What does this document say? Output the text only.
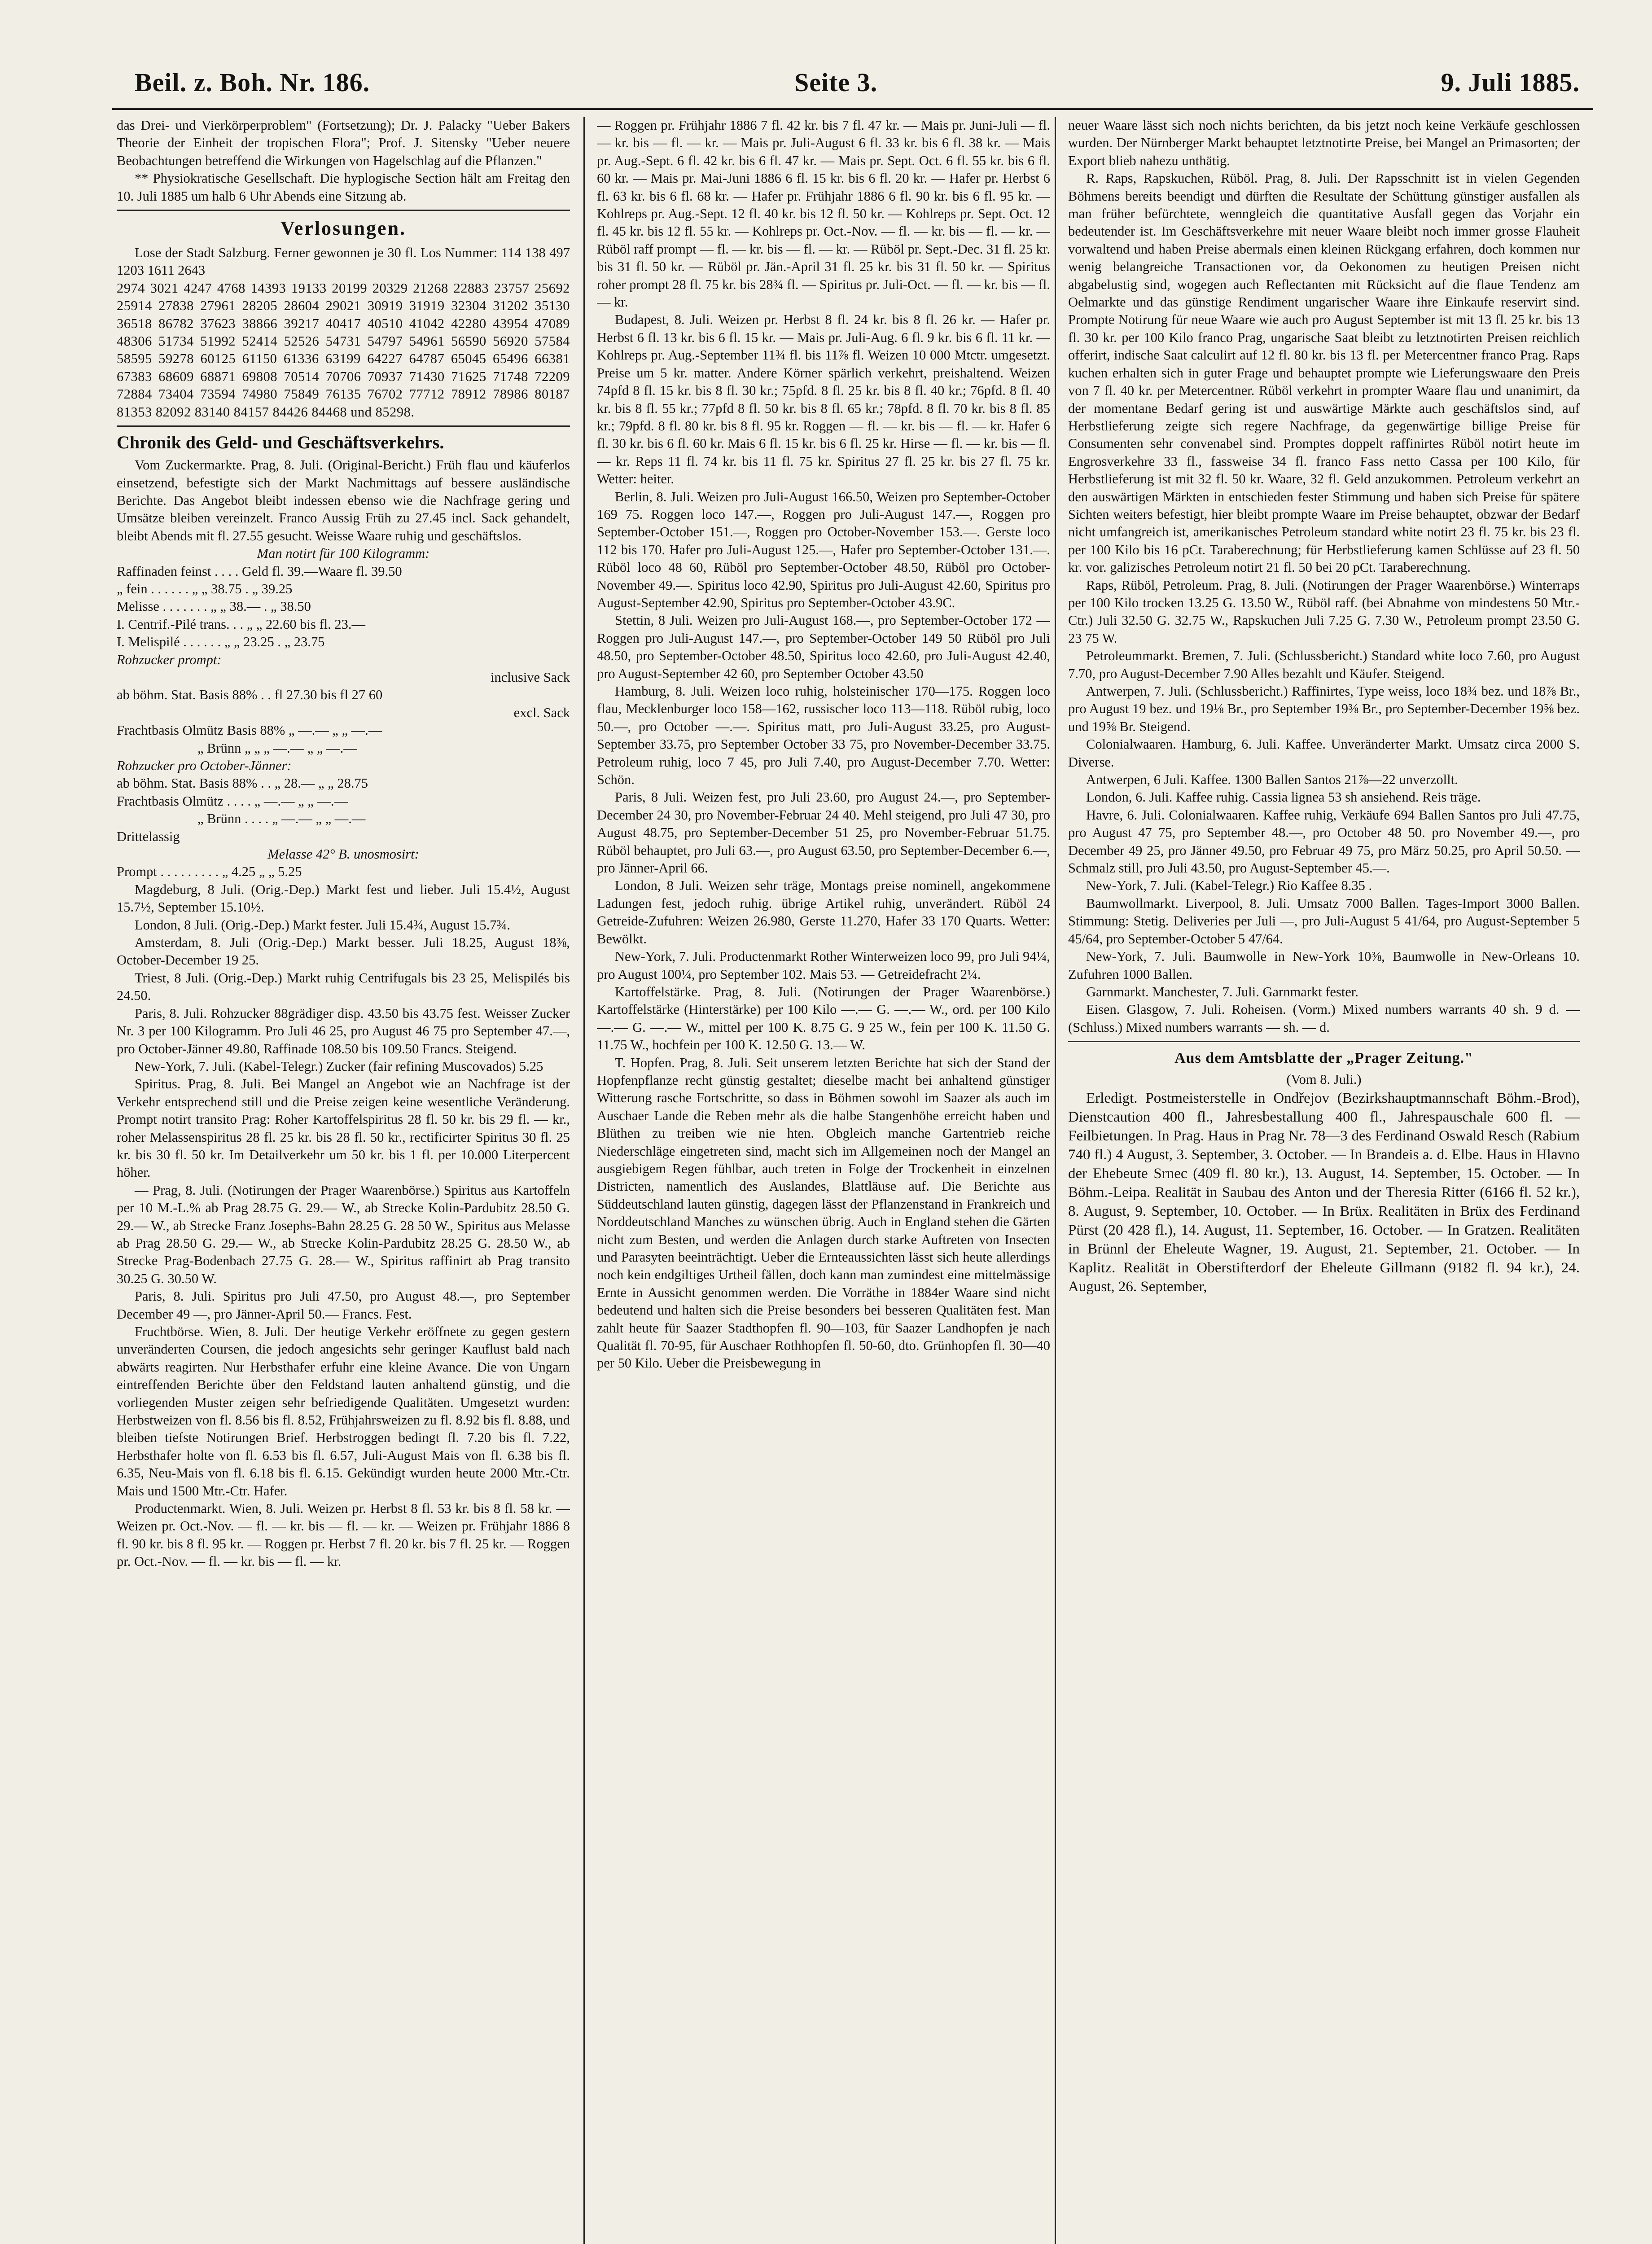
Beil. z. Boh. Nr. 186.	Seite 3.	9. Juli 1885.

das Drei- und Vierkörperproblem" (Fortsetzung); Dr. J. Palacky "Ueber Bakers Theorie der Einheit der tropischen Flora"; Prof. J. Sitensky "Ueber neuere Beobachtungen betreffend die Wirkungen von Hagelschlag auf die Pflanzen."

** Physiokratische Gesellschaft. Die hyplogische Section hält am Freitag den 10. Juli 1885 um halb 6 Uhr Abends eine Sitzung ab.

Verlosungen.

Lose der Stadt Salzburg. Ferner gewonnen je 30 fl. Los Nummer: 114 138 497 1203 1611 2643

2974 3021 4247 4768 14393 19133 20199 20329 21268 22883 23757 25692 25914 27838 27961 28205 28604 29021 30919 31919 32304 31202 35130 36518 86782 37623 38866 39217 40417 40510 41042 42280 43954 47089 48306 51734 51992 52414 52526 54731 54797 54961 56590 56920 57584 58595 59278 60125 61150 61336 63199 64227 64787 65045 65496 66381 67383 68609 68871 69808 70514 70706 70937 71430 71625 71748 72209 72884 73404 73594 74980 75849 76135 76702 77712 78912 78986 80187 81353 82092 83140 84157 84426 84468 und 85298.

Chronik des Geld- und Geschäftsverkehrs.

Vom Zuckermarkte. Prag, 8. Juli. (Original-Bericht.) Früh flau und käuferlos einsetzend, befestigte sich der Markt Nachmittags auf bessere ausländische Berichte. Das Angebot bleibt indessen ebenso wie die Nachfrage gering und Umsätze bleiben vereinzelt. Franco Aussig Früh zu 27.45 incl. Sack gehandelt, bleibt Abends mit fl. 27.55 gesucht. Weisse Waare ruhig und geschäftslos.

Man notirt für 100 Kilogramm:

Raffinaden feinst . . . . Geld fl. 39.—Waare fl. 39.50
„ fein . . . . . . „ „ 38.75 . „ 39.25
Melisse . . . . . . . „ „ 38.— . „ 38.50
I. Centrif.-Pilé trans. . . „ „ 22.60 bis fl. 23.—
I. Melispilé . . . . . . „ „ 23.25 . „ 23.75

Rohzucker prompt:

inclusive Sack

ab böhm. Stat. Basis 88% . . fl 27.30 bis fl 27 60

excl. Sack

Frachtbasis Olmütz Basis 88% „ —.— „ „ —.—

„ Brünn „ „ „ —.— „ „ —.—

Rohzucker pro October-Jänner:

ab böhm. Stat. Basis 88% . . „ 28.— „ „ 28.75

Frachtbasis Olmütz . . . . „ —.— „ „ —.—

„ Brünn . . . . „ —.— „ „ —.—

Drittelassig

Melasse 42° B. unosmosirt:

Prompt . . . . . . . . . „ 4.25 „ „ 5.25

Magdeburg, 8 Juli. (Orig.-Dep.) Markt fest und lieber. Juli 15.4½, August 15.7½, September 15.10½.

London, 8 Juli. (Orig.-Dep.) Markt fester. Juli 15.4¾, August 15.7¾.

Amsterdam, 8. Juli (Orig.-Dep.) Markt besser. Juli 18.25, August 18⅜, October-December 19 25.

Triest, 8 Juli. (Orig.-Dep.) Markt ruhig Centrifugals bis 23 25, Melispilés bis 24.50.

Paris, 8. Juli. Rohzucker 88grädiger disp. 43.50 bis 43.75 fest. Weisser Zucker Nr. 3 per 100 Kilogramm. Pro Juli 46 25, pro August 46 75 pro September 47.—, pro October-Jänner 49.80, Raffinade 108.50 bis 109.50 Francs. Steigend.

New-York, 7. Juli. (Kabel-Telegr.) Zucker (fair refining Muscovados) 5.25

Spiritus. Prag, 8. Juli. Bei Mangel an Angebot wie an Nachfrage ist der Verkehr entsprechend still und die Preise zeigen keine wesentliche Veränderung. Prompt notirt transito Prag: Roher Kartoffelspiritus 28 fl. 50 kr. bis 29 fl. — kr., roher Melassenspiritus 28 fl. 25 kr. bis 28 fl. 50 kr., rectificirter Spiritus 30 fl. 25 kr. bis 30 fl. 50 kr. Im Detailverkehr um 50 kr. bis 1 fl. per 10.000 Literpercent höher.

— Prag, 8. Juli. (Notirungen der Prager Waarenbörse.) Spiritus aus Kartoffeln per 10 M.-L.% ab Prag 28.75 G. 29.— W., ab Strecke Kolin-Pardubitz 28.50 G. 29.— W., ab Strecke Franz Josephs-Bahn 28.25 G. 28 50 W., Spiritus aus Melasse ab Prag 28.50 G. 29.— W., ab Strecke Kolin-Pardubitz 28.25 G. 28.50 W., ab Strecke Prag-Bodenbach 27.75 G. 28.— W., Spiritus raffinirt ab Prag transito 30.25 G. 30.50 W.

Paris, 8. Juli. Spiritus pro Juli 47.50, pro August 48.—, pro September December 49 —, pro Jänner-April 50.— Francs. Fest.

Fruchtbörse. Wien, 8. Juli. Der heutige Verkehr eröffnete zu gegen gestern unveränderten Coursen, die jedoch angesichts sehr geringer Kauflust bald nach abwärts reagirten. Nur Herbsthafer erfuhr eine kleine Avance. Die von Ungarn eintreffenden Berichte über den Feldstand lauten anhaltend günstig, und die vorliegenden Muster zeigen sehr befriedigende Qualitäten. Umgesetzt wurden: Herbstweizen von fl. 8.56 bis fl. 8.52, Frühjahrsweizen zu fl. 8.92 bis fl. 8.88, und bleiben tiefste Notirungen Brief. Herbstroggen bedingt fl. 7.20 bis fl. 7.22, Herbsthafer holte von fl. 6.53 bis fl. 6.57, Juli-August Mais von fl. 6.38 bis fl. 6.35, Neu-Mais von fl. 6.18 bis fl. 6.15. Gekündigt wurden heute 2000 Mtr.-Ctr. Mais und 1500 Mtr.-Ctr. Hafer.

Productenmarkt. Wien, 8. Juli. Weizen pr. Herbst 8 fl. 53 kr. bis 8 fl. 58 kr. — Weizen pr. Oct.-Nov. — fl. — kr. bis — fl. — kr. — Weizen pr. Frühjahr 1886 8 fl. 90 kr. bis 8 fl. 95 kr. — Roggen pr. Herbst 7 fl. 20 kr. bis 7 fl. 25 kr. — Roggen pr. Oct.-Nov. — fl. — kr. bis — fl. — kr.

— Roggen pr. Frühjahr 1886 7 fl. 42 kr. bis 7 fl. 47 kr. — Mais pr. Juni-Juli — fl. — kr. bis — fl. — kr. — Mais pr. Juli-August 6 fl. 33 kr. bis 6 fl. 38 kr. — Mais pr. Aug.-Sept. 6 fl. 42 kr. bis 6 fl. 47 kr. — Mais pr. Sept. Oct. 6 fl. 55 kr. bis 6 fl. 60 kr. — Mais pr. Mai-Juni 1886 6 fl. 15 kr. bis 6 fl. 20 kr. — Hafer pr. Herbst 6 fl. 63 kr. bis 6 fl. 68 kr. — Hafer pr. Frühjahr 1886 6 fl. 90 kr. bis 6 fl. 95 kr. — Kohlreps pr. Aug.-Sept. 12 fl. 40 kr. bis 12 fl. 50 kr. — Kohlreps pr. Sept. Oct. 12 fl. 45 kr. bis 12 fl. 55 kr. — Kohlreps pr. Oct.-Nov. — fl. — kr. bis — fl. — kr. — Rüböl raff prompt — fl. — kr. bis — fl. — kr. — Rüböl pr. Sept.-Dec. 31 fl. 25 kr. bis 31 fl. 50 kr. — Rüböl pr. Jän.-April 31 fl. 25 kr. bis 31 fl. 50 kr. — Spiritus roher prompt 28 fl. 75 kr. bis 28¾ fl. — Spiritus pr. Juli-Oct. — fl. — kr. bis — fl. — kr.

Budapest, 8. Juli. Weizen pr. Herbst 8 fl. 24 kr. bis 8 fl. 26 kr. — Hafer pr. Herbst 6 fl. 13 kr. bis 6 fl. 15 kr. — Mais pr. Juli-Aug. 6 fl. 9 kr. bis 6 fl. 11 kr. — Kohlreps pr. Aug.-September 11¾ fl. bis 11⅞ fl. Weizen 10 000 Mtctr. umgesetzt. Preise um 5 kr. matter. Andere Körner spärlich verkehrt, preishaltend. Weizen 74pfd 8 fl. 15 kr. bis 8 fl. 30 kr.; 75pfd. 8 fl. 25 kr. bis 8 fl. 40 kr.; 76pfd. 8 fl. 40 kr. bis 8 fl. 55 kr.; 77pfd 8 fl. 50 kr. bis 8 fl. 65 kr.; 78pfd. 8 fl. 70 kr. bis 8 fl. 85 kr.; 79pfd. 8 fl. 80 kr. bis 8 fl. 95 kr. Roggen — fl. — kr. bis — fl. — kr. Hafer 6 fl. 30 kr. bis 6 fl. 60 kr. Mais 6 fl. 15 kr. bis 6 fl. 25 kr. Hirse — fl. — kr. bis — fl. — kr. Reps 11 fl. 74 kr. bis 11 fl. 75 kr. Spiritus 27 fl. 25 kr. bis 27 fl. 75 kr. Wetter: heiter.

Berlin, 8. Juli. Weizen pro Juli-August 166.50, Weizen pro September-October 169 75. Roggen loco 147.—, Roggen pro Juli-August 147.—, Roggen pro September-October 151.—, Roggen pro October-November 153.—. Gerste loco 112 bis 170. Hafer pro Juli-August 125.—, Hafer pro September-October 131.—. Rüböl loco 48 60, Rüböl pro September-October 48.50, Rüböl pro October-November 49.—. Spiritus loco 42.90, Spiritus pro Juli-August 42.60, Spiritus pro August-September 42.90, Spiritus pro September-October 43.9C.

Stettin, 8 Juli. Weizen pro Juli-August 168.—, pro September-October 172 — Roggen pro Juli-August 147.—, pro September-October 149 50 Rüböl pro Juli 48.50, pro September-October 48.50, Spiritus loco 42.60, pro Juli-August 42.40, pro August-September 42 60, pro September October 43.50

Hamburg, 8. Juli. Weizen loco ruhig, holsteinischer 170—175. Roggen loco flau, Mecklenburger loco 158—162, russischer loco 113—118. Rüböl rubig, loco 50.—, pro October —.—. Spiritus matt, pro Juli-August 33.25, pro August-September 33.75, pro September October 33 75, pro November-December 33.75. Petroleum ruhig, loco 7 45, pro Juli 7.40, pro August-December 7.70. Wetter: Schön.

Paris, 8 Juli. Weizen fest, pro Juli 23.60, pro August 24.—, pro September-December 24 30, pro November-Februar 24 40. Mehl steigend, pro Juli 47 30, pro August 48.75, pro September-December 51 25, pro November-Februar 51.75. Rüböl behauptet, pro Juli 63.—, pro August 63.50, pro September-December 6.—, pro Jänner-April 66.

London, 8 Juli. Weizen sehr träge, Montags preise nominell, angekommene Ladungen fest, jedoch ruhig. übrige Artikel ruhig, unverändert. Rüböl 24 Getreide-Zufuhren: Weizen 26.980, Gerste 11.270, Hafer 33 170 Quarts. Wetter: Bewölkt.

New-York, 7. Juli. Productenmarkt Rother Winterweizen loco 99, pro Juli 94¼, pro August 100¼, pro September 102. Mais 53. — Getreidefracht 2¼.

Kartoffelstärke. Prag, 8. Juli. (Notirungen der Prager Waarenbörse.) Kartoffelstärke (Hinterstärke) per 100 Kilo —.— G. —.— W., ord. per 100 Kilo —.— G. —.— W., mittel per 100 K. 8.75 G. 9 25 W., fein per 100 K. 11.50 G. 11.75 W., hochfein per 100 K. 12.50 G. 13.— W.

T. Hopfen. Prag, 8. Juli. Seit unserem letzten Berichte hat sich der Stand der Hopfenpflanze recht günstig gestaltet; dieselbe macht bei anhaltend günstiger Witterung rasche Fortschritte, so dass in Böhmen sowohl im Saazer als auch im Auschaer Lande die Reben mehr als die halbe Stangenhöhe erreicht haben und Blüthen zu treiben wie nie hten. Obgleich manche Gartentrieb reiche Niederschläge eingetreten sind, macht sich im Allgemeinen noch der Mangel an ausgiebigem Regen fühlbar, auch treten in Folge der Trockenheit in einzelnen Districten, namentlich des Auslandes, Blattläuse auf. Die Berichte aus Süddeutschland lauten günstig, dagegen lässt der Pflanzenstand in Frankreich und Norddeutschland Manches zu wünschen übrig. Auch in England stehen die Gärten nicht zum Besten, und werden die Anlagen durch starke Auftreten von Insecten und Parasyten beeinträchtigt. Ueber die Ernteaussichten lässt sich heute allerdings noch kein endgiltiges Urtheil fällen, doch kann man zumindest eine mittelmässige Ernte in Aussicht genommen werden. Die Vorräthe in 1884er Waare sind nicht bedeutend und halten sich die Preise besonders bei besseren Qualitäten fest. Man zahlt heute für Saazer Stadthopfen fl. 90—103, für Saazer Landhopfen je nach Qualität fl. 70-95, für Auschaer Rothhopfen fl. 50-60, dto. Grünhopfen fl. 30—40 per 50 Kilo. Ueber die Preisbewegung in

neuer Waare lässt sich noch nichts berichten, da bis jetzt noch keine Verkäufe geschlossen wurden. Der Nürnberger Markt behauptet letztnotirte Preise, bei Mangel an Primasorten; der Export blieb nahezu unthätig.

R. Raps, Rapskuchen, Rüböl. Prag, 8. Juli. Der Rapsschnitt ist in vielen Gegenden Böhmens bereits beendigt und dürften die Resultate der Schüttung günstiger ausfallen als man früher befürchtete, wenngleich die quantitative Ausfall gegen das Vorjahr ein bedeutender ist. Im Geschäftsverkehre mit neuer Waare bleibt noch immer grosse Flauheit vorwaltend und haben Preise abermals einen kleinen Rückgang erfahren, doch kommen nur wenig belangreiche Transactionen vor, da Oekonomen zu heutigen Preisen nicht abgabelustig sind, wogegen auch Reflectanten mit Rücksicht auf die flaue Tendenz am Oelmarkte und das günstige Rendiment ungarischer Waare ihre Einkaufe reservirt sind. Prompte Notirung für neue Waare wie auch pro August September ist mit 13 fl. 25 kr. bis 13 fl. 30 kr. per 100 Kilo franco Prag, ungarische Saat bleibt zu letztnotirten Preisen reichlich offerirt, indische Saat calculirt auf 12 fl. 80 kr. bis 13 fl. per Metercentner franco Prag. Raps kuchen erhalten sich in guter Frage und behauptet prompte wie Lieferungswaare den Preis von 7 fl. 40 kr. per Metercentner. Rüböl verkehrt in prompter Waare flau und unanimirt, da der momentane Bedarf gering ist und auswärtige Märkte auch geschäftslos sind, auf Herbstlieferung zeigte sich regere Nachfrage, da gegenwärtige billige Preise für Consumenten sehr convenabel sind. Promptes doppelt raffinirtes Rüböl notirt heute im Engrosverkehre 33 fl., fassweise 34 fl. franco Fass netto Cassa per 100 Kilo, für Herbstlieferung ist mit 32 fl. 50 kr. Waare, 32 fl. Geld anzukommen. Petroleum verkehrt an den auswärtigen Märkten in entschieden fester Stimmung und haben sich Preise für spätere Sichten weiters befestigt, hier bleibt prompte Waare im Preise behauptet, obzwar der Bedarf nicht umfangreich ist, amerikanisches Petroleum standard white notirt 23 fl. 75 kr. bis 23 fl. per 100 Kilo bis 16 pCt. Taraberechnung; für Herbstlieferung kamen Schlüsse auf 23 fl. 50 kr. vor. galizisches Petroleum notirt 21 fl. 50 bei 20 pCt. Taraberechnung.

Raps, Rüböl, Petroleum. Prag, 8. Juli. (Notirungen der Prager Waarenbörse.) Winterraps per 100 Kilo trocken 13.25 G. 13.50 W., Rüböl raff. (bei Abnahme von mindestens 50 Mtr.-Ctr.) Juli 32.50 G. 32.75 W., Rapskuchen Juli 7.25 G. 7.30 W., Petroleum prompt 23.50 G. 23 75 W.

Petroleummarkt. Bremen, 7. Juli. (Schlussbericht.) Standard white loco 7.60, pro August 7.70, pro August-December 7.90 Alles bezahlt und Käufer. Steigend.

Antwerpen, 7. Juli. (Schlussbericht.) Raffinirtes, Type weiss, loco 18¾ bez. und 18⅞ Br., pro August 19 bez. und 19⅛ Br., pro September 19⅜ Br., pro September-December 19⅝ bez. und 19⅝ Br. Steigend.

Colonialwaaren. Hamburg, 6. Juli. Kaffee. Unveränderter Markt. Umsatz circa 2000 S. Diverse.

Antwerpen, 6 Juli. Kaffee. 1300 Ballen Santos 21⅞—22 unverzollt.

London, 6. Juli. Kaffee ruhig. Cassia lignea 53 sh ansiehend. Reis träge.

Havre, 6. Juli. Colonialwaaren. Kaffee ruhig, Verkäufe 694 Ballen Santos pro Juli 47.75, pro August 47 75, pro September 48.—, pro October 48 50. pro November 49.—, pro December 49 25, pro Jänner 49.50, pro Februar 49 75, pro März 50.25, pro April 50.50. — Schmalz still, pro Juli 43.50, pro August-September 45.—.

New-York, 7. Juli. (Kabel-Telegr.) Rio Kaffee 8.35 .

Baumwollmarkt. Liverpool, 8. Juli. Umsatz 7000 Ballen. Tages-Import 3000 Ballen. Stimmung: Stetig. Deliveries per Juli —, pro Juli-August 5 41/64, pro August-September 5 45/64, pro September-October 5 47/64.

New-York, 7. Juli. Baumwolle in New-York 10⅜, Baumwolle in New-Orleans 10. Zufuhren 1000 Ballen.

Garnmarkt. Manchester, 7. Juli. Garnmarkt fester.

Eisen. Glasgow, 7. Juli. Roheisen. (Vorm.) Mixed numbers warrants 40 sh. 9 d. — (Schluss.) Mixed numbers warrants — sh. — d.

Aus dem Amtsblatte der „Prager Zeitung."

(Vom 8. Juli.)

Erledigt. Postmeisterstelle in Ondřejov (Bezirkshauptmannschaft Böhm.-Brod), Dienstcaution 400 fl., Jahresbestallung 400 fl., Jahrespauschale 600 fl. — Feilbietungen. In Prag. Haus in Prag Nr. 78—3 des Ferdinand Oswald Resch (Rabium 740 fl.) 4 August, 3. September, 3. October. — In Brandeis a. d. Elbe. Haus in Hlavno der Ehebeute Srnec (409 fl. 80 kr.), 13. August, 14. September, 15. October. — In Böhm.-Leipa. Realität in Saubau des Anton und der Theresia Ritter (6166 fl. 52 kr.), 8. August, 9. September, 10. October. — In Brüx. Realitäten in Brüx des Ferdinand Pürst (20 428 fl.), 14. August, 11. September, 16. October. — In Gratzen. Realitäten in Brünnl der Eheleute Wagner, 19. August, 21. September, 21. October. — In Kaplitz. Realität in Oberstifterdorf der Eheleute Gillmann (9182 fl. 94 kr.), 24. August, 26. September,
